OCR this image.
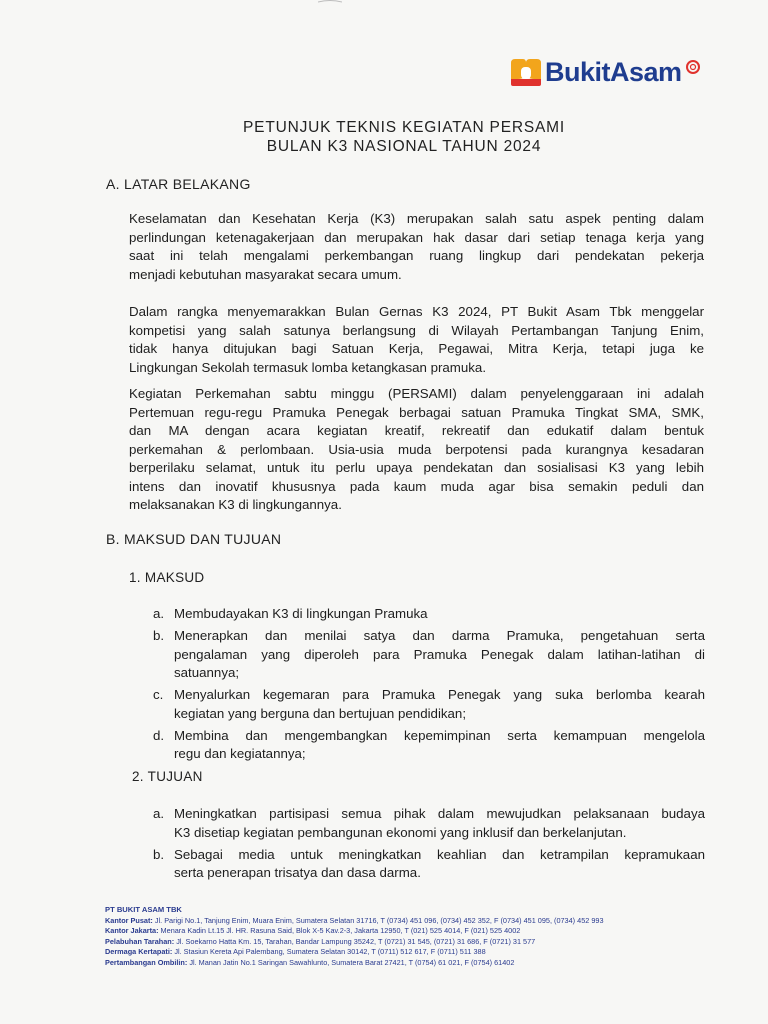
BukitAsam
PETUNJUK TEKNIS KEGIATAN PERSAMI
BULAN K3 NASIONAL TAHUN 2024
A. LATAR BELAKANG
Keselamatan dan Kesehatan Kerja (K3) merupakan salah satu aspek penting dalam
perlindungan ketenagakerjaan dan merupakan hak dasar dari setiap tenaga kerja yang
saat ini telah mengalami perkembangan ruang lingkup dari pendekatan pekerja
menjadi kebutuhan masyarakat secara umum.
Dalam rangka menyemarakkan Bulan Gernas K3 2024, PT Bukit Asam Tbk menggelar
kompetisi yang salah satunya berlangsung di Wilayah Pertambangan Tanjung Enim,
tidak hanya ditujukan bagi Satuan Kerja, Pegawai, Mitra Kerja, tetapi juga ke
Lingkungan Sekolah termasuk lomba ketangkasan pramuka.
Kegiatan Perkemahan sabtu minggu (PERSAMI) dalam penyelenggaraan ini adalah
Pertemuan regu-regu Pramuka Penegak berbagai satuan Pramuka Tingkat SMA, SMK,
dan MA dengan acara kegiatan kreatif, rekreatif dan edukatif dalam bentuk
perkemahan & perlombaan. Usia-usia muda berpotensi pada kurangnya kesadaran
berperilaku selamat, untuk itu perlu upaya pendekatan dan sosialisasi K3 yang lebih
intens dan inovatif khususnya pada kaum muda agar bisa semakin peduli dan
melaksanakan K3 di lingkungannya.
B. MAKSUD DAN TUJUAN
1. MAKSUD
a. Membudayakan K3 di lingkungan Pramuka
b. Menerapkan dan menilai satya dan darma Pramuka, pengetahuan serta
pengalaman yang diperoleh para Pramuka Penegak dalam latihan-latihan di
satuannya;
c. Menyalurkan kegemaran para Pramuka Penegak yang suka berlomba kearah
kegiatan yang berguna dan bertujuan pendidikan;
d. Membina dan mengembangkan kepemimpinan serta kemampuan mengelola
regu dan kegiatannya;
2. TUJUAN
a. Meningkatkan partisipasi semua pihak dalam mewujudkan pelaksanaan budaya
K3 disetiap kegiatan pembangunan ekonomi yang inklusif dan berkelanjutan.
b. Sebagai media untuk meningkatkan keahlian dan ketrampilan kepramukaan
serta penerapan trisatya dan dasa darma.
PT BUKIT ASAM TBK
Kantor Pusat: Jl. Parigi No.1, Tanjung Enim, Muara Enim, Sumatera Selatan 31716, T (0734) 451 096, (0734) 452 352, F (0734) 451 095, (0734) 452 993
Kantor Jakarta: Menara Kadin Lt.15 Jl. HR. Rasuna Said, Blok X-5 Kav.2-3, Jakarta 12950, T (021) 525 4014, F (021) 525 4002
Pelabuhan Tarahan: Jl. Soekarno Hatta Km. 15, Tarahan, Bandar Lampung 35242, T (0721) 31 545, (0721) 31 686, F (0721) 31 577
Dermaga Kertapati: Jl. Stasiun Kereta Api Palembang, Sumatera Selatan 30142, T (0711) 512 617, F (0711) 511 388
Pertambangan Ombilin: Jl. Manan Jatin No.1 Saringan Sawahlunto, Sumatera Barat 27421, T (0754) 61 021, F (0754) 61402
